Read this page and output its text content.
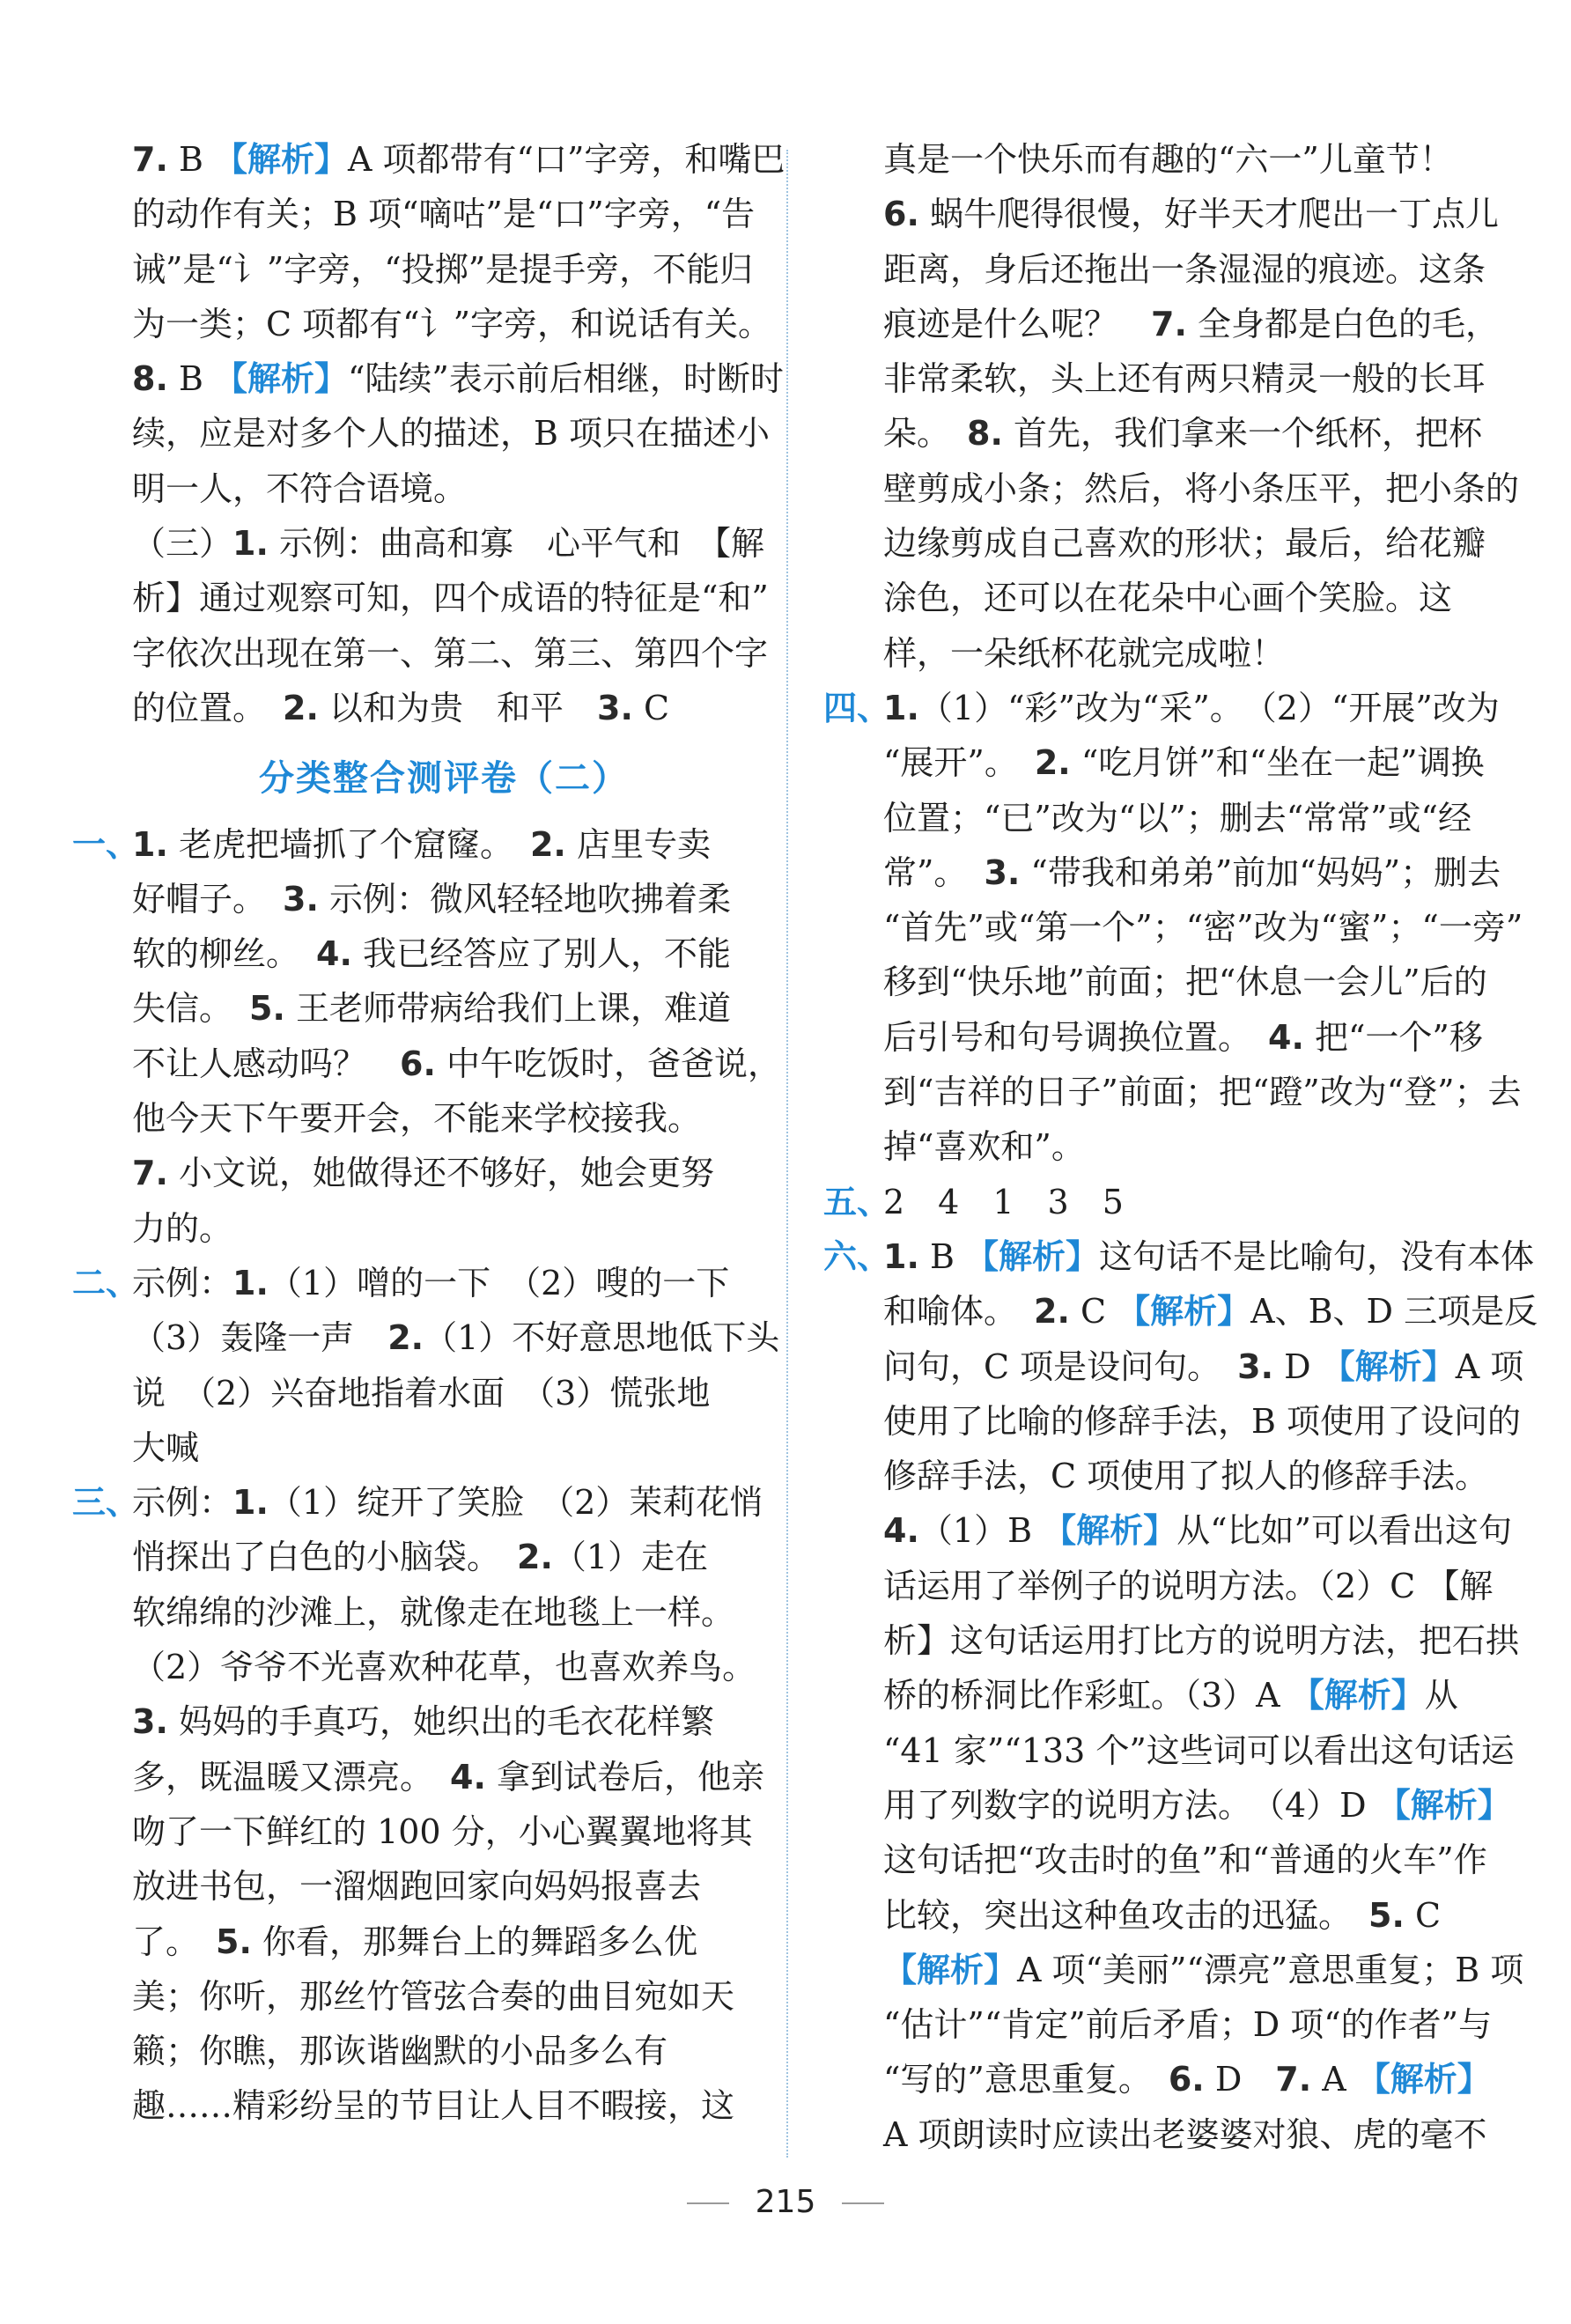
7. B 【解析】A 项都带有“口”字旁，和嘴巴
的动作有关；B 项“嘀咕”是“口”字旁，“告
诫”是“讠”字旁，“投掷”是提手旁，不能归
为一类；C 项都有“讠”字旁，和说话有关。
8. B 【解析】“陆续”表示前后相继，时断时
续，应是对多个人的描述，B 项只在描述小
明一人，不符合语境。
（三）1. 示例：曲高和寡　心平气和　【解
析】通过观察可知，四个成语的特征是“和”
字依次出现在第一、第二、第三、第四个字
的位置。　2. 以和为贵　和平　3. C
分类整合测评卷（二）
一、
1. 老虎把墙抓了个窟窿。　2. 店里专卖
好帽子。　3. 示例：微风轻轻地吹拂着柔
软的柳丝。　4. 我已经答应了别人，不能
失信。　5. 王老师带病给我们上课，难道
不让人感动吗？　6. 中午吃饭时，爸爸说，
他今天下午要开会，不能来学校接我。
7. 小文说，她做得还不够好，她会更努
力的。
二、
示例：1.（1）噌的一下　（2）嗖的一下
（3）轰隆一声　2.（1）不好意思地低下头
说　（2）兴奋地指着水面　（3）慌张地
大喊
三、
示例：1.（1）绽开了笑脸　（2）茉莉花悄
悄探出了白色的小脑袋。　2.（1）走在
软绵绵的沙滩上，就像走在地毯上一样。
（2）爷爷不光喜欢种花草，也喜欢养鸟。
3. 妈妈的手真巧，她织出的毛衣花样繁
多，既温暖又漂亮。　4. 拿到试卷后，他亲
吻了一下鲜红的 100 分，小心翼翼地将其
放进书包，一溜烟跑回家向妈妈报喜去
了。　5. 你看，那舞台上的舞蹈多么优
美；你听，那丝竹管弦合奏的曲目宛如天
籁；你瞧，那诙谐幽默的小品多么有
趣……精彩纷呈的节目让人目不暇接，这
真是一个快乐而有趣的“六一”儿童节！
6. 蜗牛爬得很慢，好半天才爬出一丁点儿
距离，身后还拖出一条湿湿的痕迹。这条
痕迹是什么呢？　7. 全身都是白色的毛，
非常柔软，头上还有两只精灵一般的长耳
朵。　8. 首先，我们拿来一个纸杯，把杯
壁剪成小条；然后，将小条压平，把小条的
边缘剪成自己喜欢的形状；最后，给花瓣
涂色，还可以在花朵中心画个笑脸。这
样，一朵纸杯花就完成啦！
四、
1.（1）“彩”改为“采”。　（2）“开展”改为
“展开”。　2. “吃月饼”和“坐在一起”调换
位置；“已”改为“以”；删去“常常”或“经
常”。　3. “带我和弟弟”前加“妈妈”；删去
“首先”或“第一个”；“密”改为“蜜”；“一旁”
移到“快乐地”前面；把“休息一会儿”后的
后引号和句号调换位置。　4. 把“一个”移
到“吉祥的日子”前面；把“蹬”改为“登”；去
掉“喜欢和”。
五、
2　4　1　3　5
六、
1. B 【解析】这句话不是比喻句，没有本体
和喻体。　2. C 【解析】A、B、D 三项是反
问句，C 项是设问句。　3. D 【解析】A 项
使用了比喻的修辞手法，B 项使用了设问的
修辞手法，C 项使用了拟人的修辞手法。
4.（1）B 【解析】从“比如”可以看出这句
话运用了举例子的说明方法。（2）C 【解
析】这句话运用打比方的说明方法，把石拱
桥的桥洞比作彩虹。（3）A 【解析】从
“41 家”“133 个”这些词可以看出这句话运
用了列数字的说明方法。　（4）D 【解析】
这句话把“攻击时的鱼”和“普通的火车”作
比较，突出这种鱼攻击的迅猛。　5. C
【解析】A 项“美丽”“漂亮”意思重复；B 项
“估计”“肯定”前后矛盾；D 项“的作者”与
“写的”意思重复。　6. D　7. A 【解析】
A 项朗读时应读出老婆婆对狼、虎的毫不
215
